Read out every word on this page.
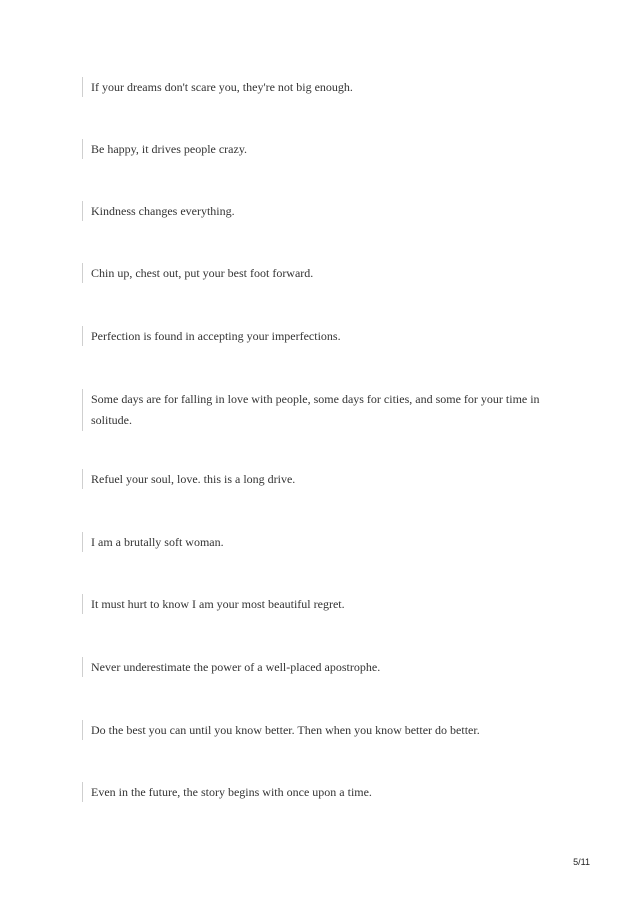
If your dreams don't scare you, they're not big enough.
Be happy, it drives people crazy.
Kindness changes everything.
Chin up, chest out, put your best foot forward.
Perfection is found in accepting your imperfections.
Some days are for falling in love with people, some days for cities, and some for your time in solitude.
Refuel your soul, love. this is a long drive.
I am a brutally soft woman.
It must hurt to know I am your most beautiful regret.
Never underestimate the power of a well-placed apostrophe.
Do the best you can until you know better. Then when you know better do better.
Even in the future, the story begins with once upon a time.
5/11
